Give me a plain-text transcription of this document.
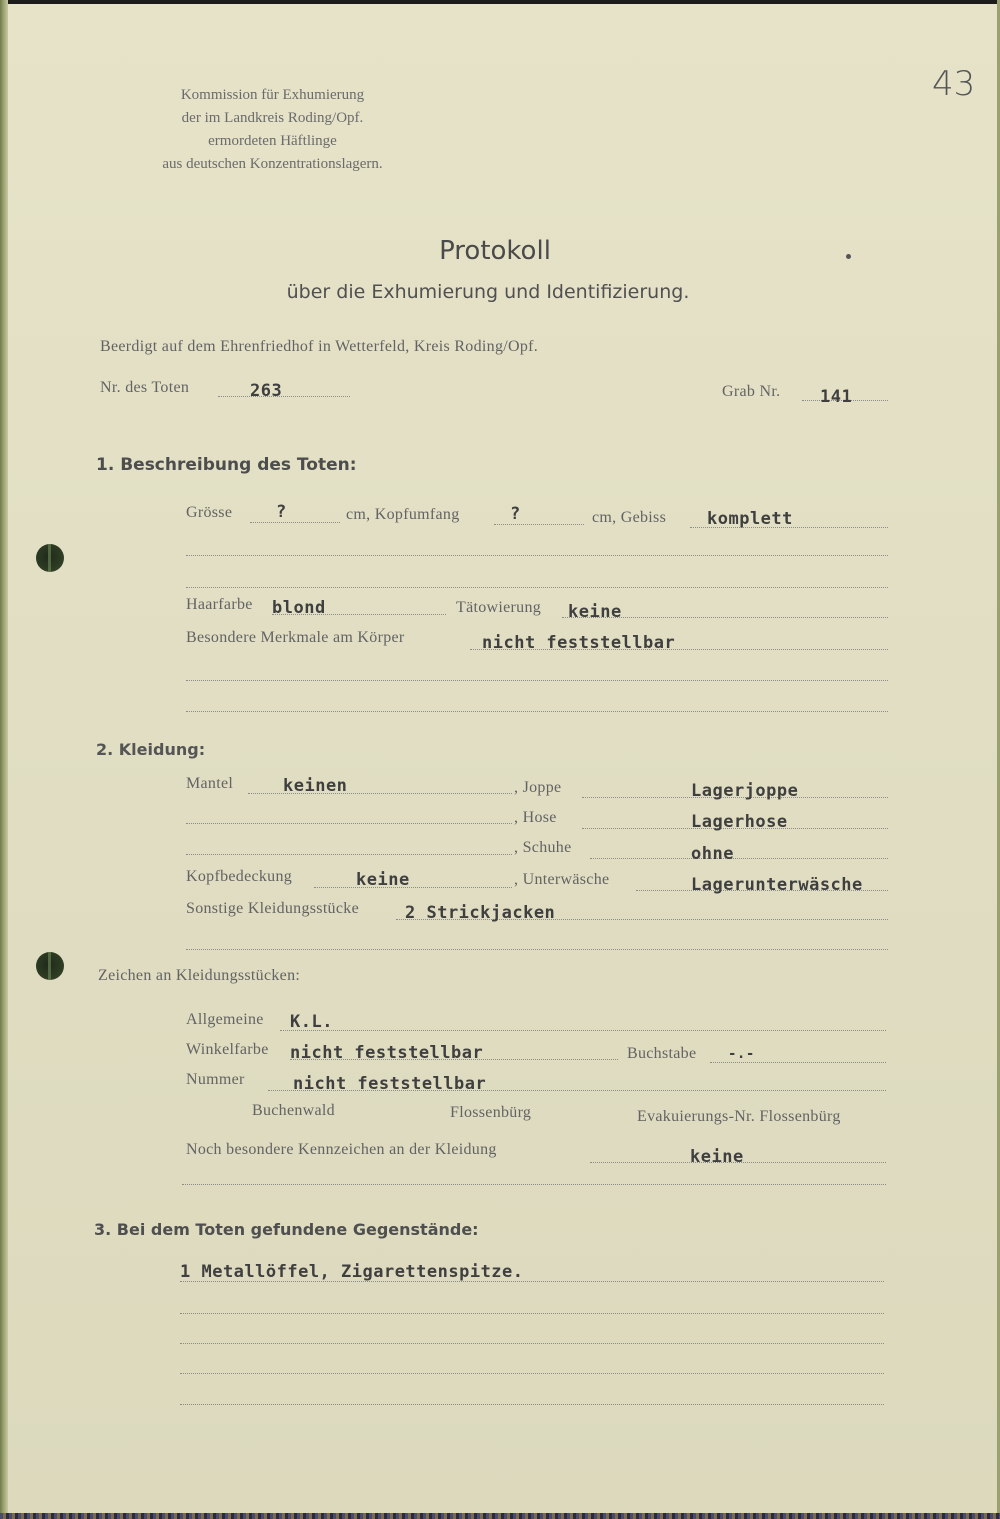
Kommission für Exhumierung
der im Landkreis Roding/Opf.
ermordeten Häftlinge
aus deutschen Konzentrationslagern.
43
Protokoll
über die Exhumierung und Identifizierung.
Beerdigt auf dem Ehrenfriedhof in Wetterfeld, Kreis Roding/Opf.
Nr. des Toten	263	Grab Nr. 141
1. Beschreibung des Toten:
Grösse	?	cm, Kopfumfang	?	cm, Gebiss komplett
Haarfarbe blond	Tätowierung keine
Besondere Merkmale am Körper	nicht feststellbar
2. Kleidung:
Mantel	keinen	, Joppe	Lagerjoppe
, Hose	Lagerhose
, Schuhe	ohne
Kopfbedeckung	keine	, Unterwäsche	Lagerunterwäsche
Sonstige Kleidungsstücke	2 Strickjacken
Zeichen an Kleidungsstücken:
Allgemeine K.L.
Winkelfarbe nicht feststellbar	Buchstabe -.-
Nummer	nicht feststellbar
Buchenwald	Flossenbürg	Evakuierungs-Nr. Flossenbürg
Noch besondere Kennzeichen an der Kleidung	keine
3. Bei dem Toten gefundene Gegenstände:
1 Metallöffel, Zigarettenspitze.
